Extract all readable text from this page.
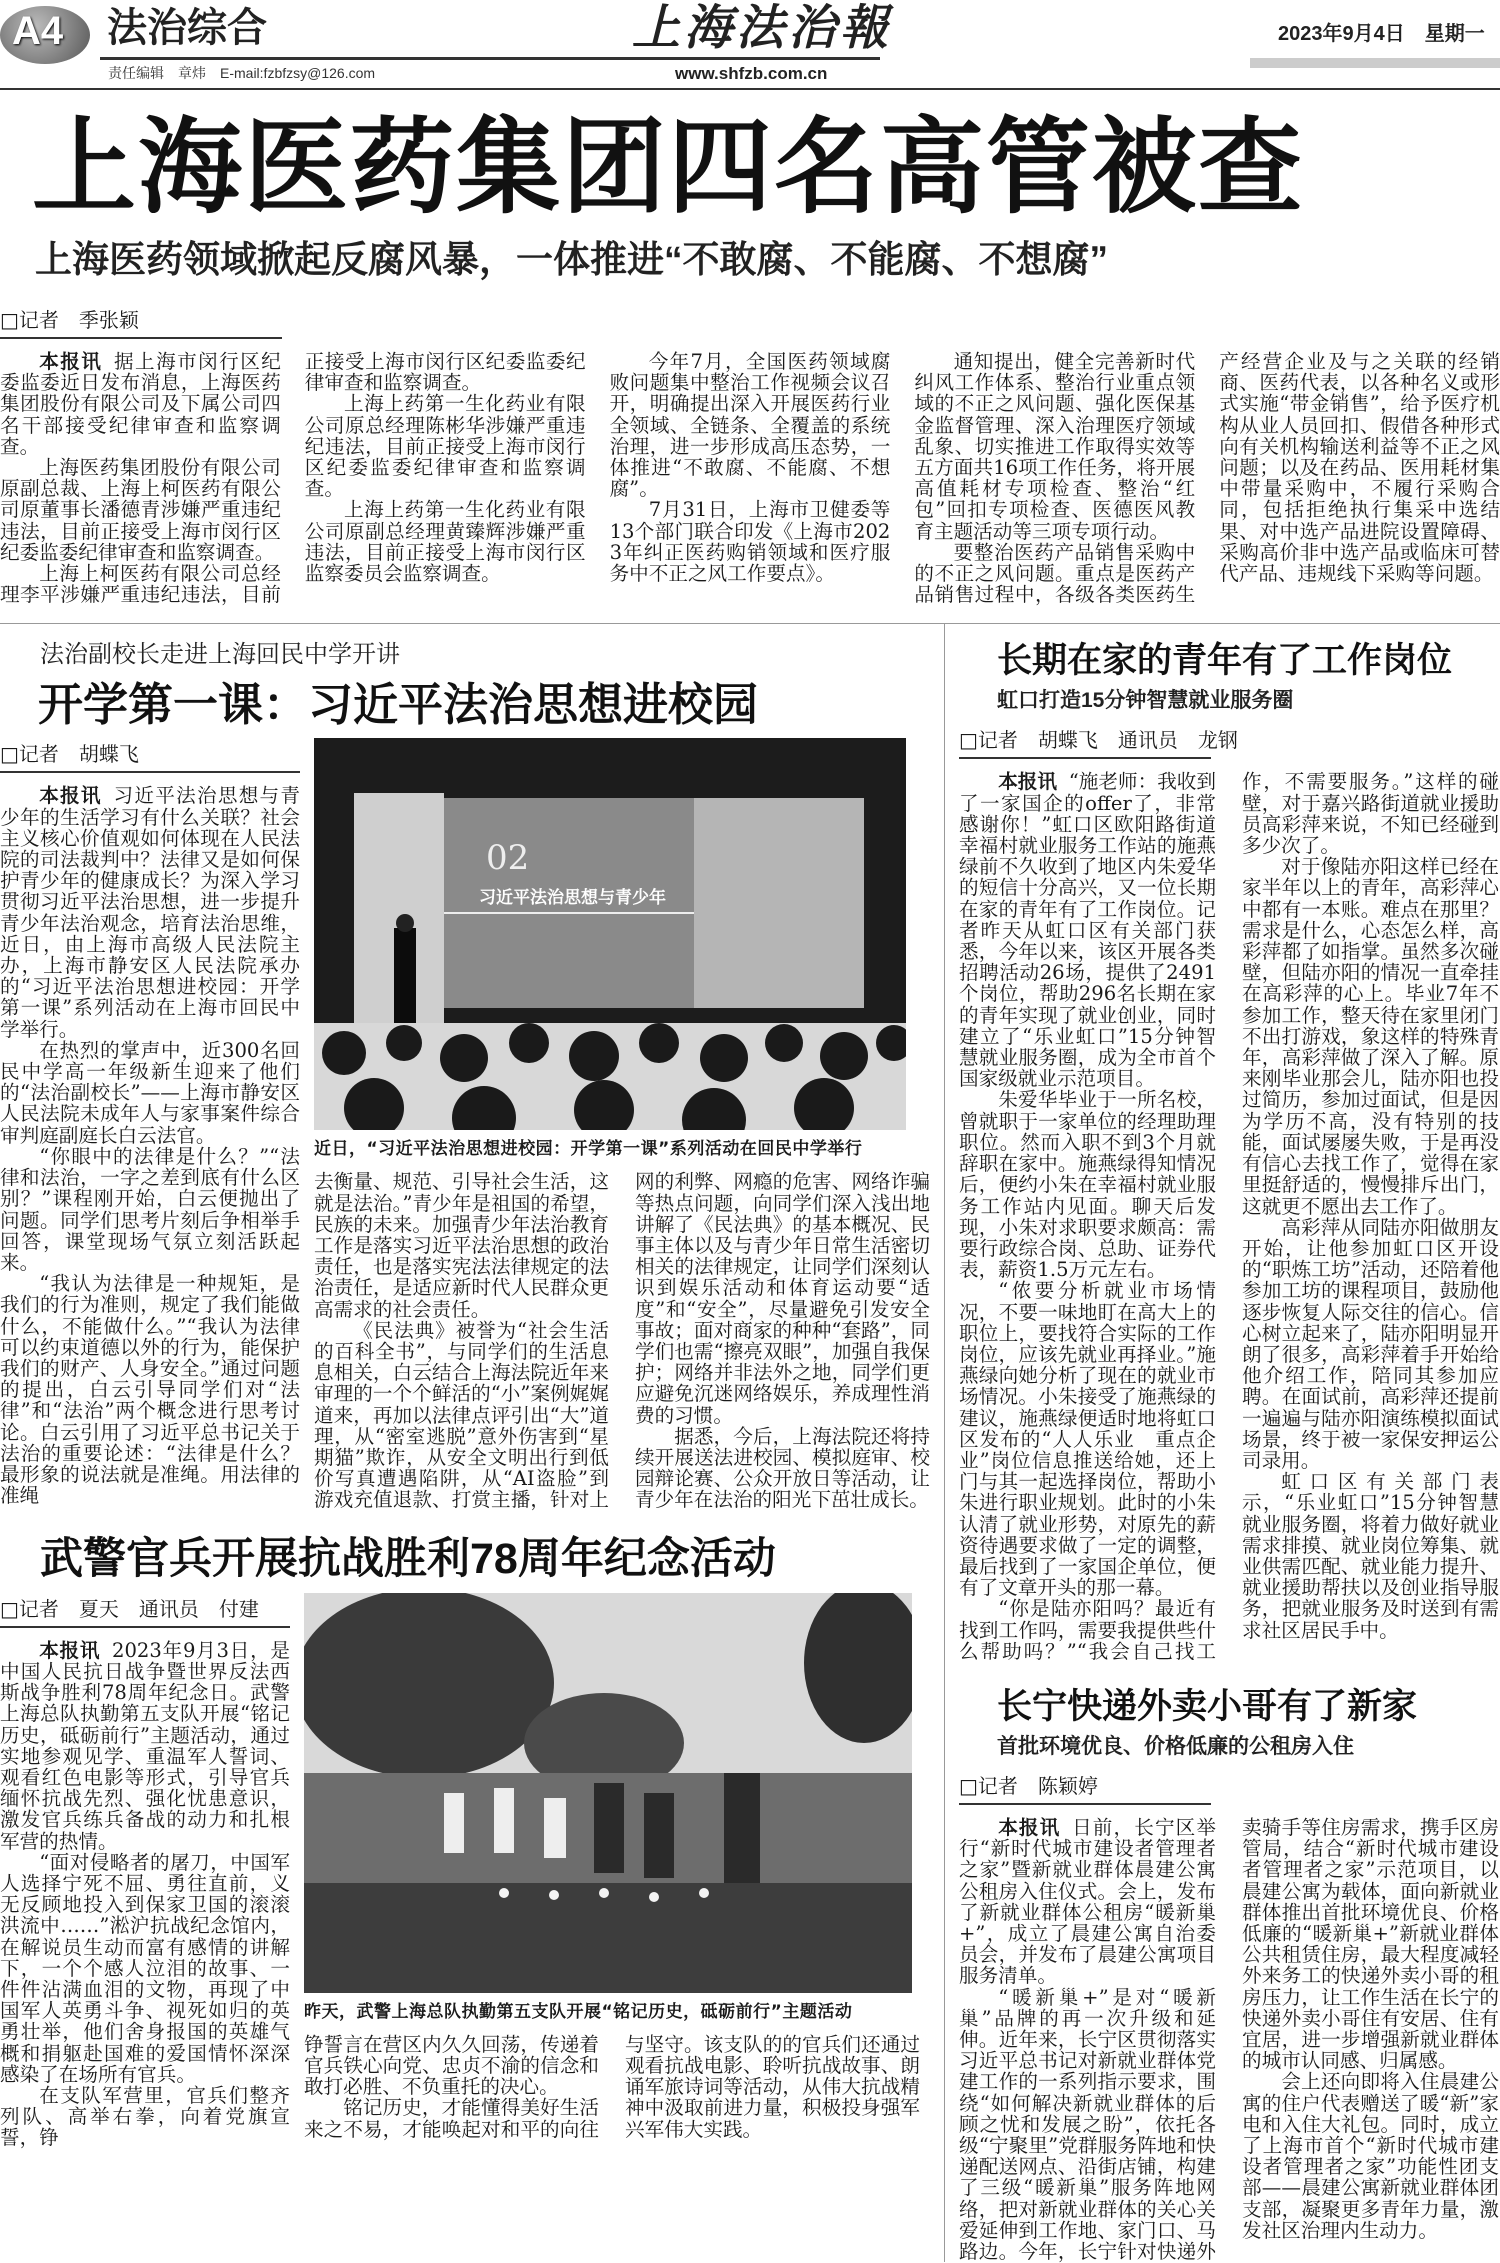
A4 法治综合
责任编辑　章炜　E-mail:fzbfzsy@126.com
上海法治報
www.shfzb.com.cn
2023年9月4日　星期一
上海医药集团四名高管被查
上海医药领域掀起反腐风暴，一体推进“不敢腐、不能腐、不想腐”
□记者　季张颖

本报讯 据上海市闵行区纪委监委近日发布消息，上海医药集团股份有限公司及下属公司四名干部接受纪律审查和监察调查。

上海医药集团股份有限公司原副总裁、上海上柯医药有限公司原董事长潘德青涉嫌严重违纪违法，目前正接受上海市闵行区纪委监委纪律审查和监察调查。

上海上柯医药有限公司总经理李平涉嫌严重违纪违法，目前正接受上海市闵行区纪委监委纪律审查和监察调查。

上海上药第一生化药业有限公司原总经理陈彬华涉嫌严重违纪违法，目前正接受上海市闵行区纪委监委纪律审查和监察调查。

上海上药第一生化药业有限公司原副总经理黄臻辉涉嫌严重违法，目前正接受上海市闵行区监察委员会监察调查。

今年7月，全国医药领域腐败问题集中整治工作视频会议召开，明确提出深入开展医药行业全领域、全链条、全覆盖的系统治理，进一步形成高压态势，一体推进“不敢腐、不能腐、不想腐”。

7月31日，上海市卫健委等13个部门联合印发《上海市2023年纠正医药购销领域和医疗服务中不正之风工作要点》。

通知提出，健全完善新时代纠风工作体系、整治行业重点领域的不正之风问题、强化医保基金监督管理、深入治理医疗领域乱象、切实推进工作取得实效等五方面共16项工作任务，将开展高值耗材专项检查、整治“红包”回扣专项检查、医德医风教育主题活动等三项专项行动。

要整治医药产品销售采购中的不正之风问题。重点是医药产品销售过程中，各级各类医药生产经营企业及与之关联的经销商、医药代表，以各种名义或形式实施“带金销售”，给予医疗机构从业人员回扣、假借各种形式向有关机构输送利益等不正之风问题；以及在药品、医用耗材集中带量采购中，不履行采购合同，包括拒绝执行集采中选结果、对中选产品进院设置障碍、采购高价非中选产品或临床可替代产品、违规线下采购等问题。

法治副校长走进上海回民中学开讲
开学第一课：习近平法治思想进校园
□记者　胡蝶飞

本报讯 习近平法治思想与青少年的生活学习有什么关联？社会主义核心价值观如何体现在人民法院的司法裁判中？法律又是如何保护青少年的健康成长？为深入学习贯彻习近平法治思想，进一步提升青少年法治观念，培育法治思维，近日，由上海市高级人民法院主办，上海市静安区人民法院承办的“习近平法治思想进校园：开学第一课”系列活动在上海市回民中学举行。

在热烈的掌声中，近300名回民中学高一年级新生迎来了他们的“法治副校长”——上海市静安区人民法院未成年人与家事案件综合审判庭副庭长白云法官。

“你眼中的法律是什么？”“法律和法治，一字之差到底有什么区别？”课程刚开始，白云便抛出了问题。同学们思考片刻后争相举手回答，课堂现场气氛立刻活跃起来。

“我认为法律是一种规矩，是我们的行为准则，规定了我们能做什么，不能做什么。”“我认为法律可以约束道德以外的行为，能保护我们的财产、人身安全。”通过问题的提出，白云引导同学们对“法律”和“法治”两个概念进行思考讨论。白云引用了习近平总书记关于法治的重要论述：“法律是什么？最形象的说法就是准绳。用法律的准绳

02
习近平法治思想与青少年
近日，“习近平法治思想进校园：开学第一课”系列活动在回民中学举行

去衡量、规范、引导社会生活，这就是法治。”青少年是祖国的希望，民族的未来。加强青少年法治教育工作是落实习近平法治思想的政治责任，也是落实宪法法律规定的法治责任，是适应新时代人民群众更高需求的社会责任。

《民法典》被誉为“社会生活的百科全书”，与同学们的生活息息相关，白云结合上海法院近年来审理的一个个鲜活的“小”案例娓娓道来，再加以法律点评引出“大”道理，从“密室逃脱”意外伤害到“星期猫”欺诈，从安全文明出行到低价写真遭遇陷阱，从“AI盗脸”到游戏充值退款、打赏主播，针对上网的利弊、网瘾的危害、网络诈骗等热点问题，向同学们深入浅出地讲解了《民法典》的基本概况、民事主体以及与青少年日常生活密切相关的法律规定，让同学们深刻认识到娱乐活动和体育运动要“适度”和“安全”，尽量避免引发安全事故；面对商家的种种“套路”，同学们也需“擦亮双眼”，加强自我保护；网络并非法外之地，同学们更应避免沉迷网络娱乐，养成理性消费的习惯。

据悉，今后，上海法院还将持续开展送法进校园、模拟庭审、校园辩论赛、公众开放日等活动，让青少年在法治的阳光下茁壮成长。

武警官兵开展抗战胜利78周年纪念活动
□记者　夏天　通讯员　付建

本报讯 2023年9月3日，是中国人民抗日战争暨世界反法西斯战争胜利78周年纪念日。武警上海总队执勤第五支队开展“铭记历史，砥砺前行”主题活动，通过实地参观见学、重温军人誓词、观看红色电影等形式，引导官兵缅怀抗战先烈、强化忧患意识，激发官兵练兵备战的动力和扎根军营的热情。

“面对侵略者的屠刀，中国军人选择宁死不屈、勇往直前，义无反顾地投入到保家卫国的滚滚洪流中……”淞沪抗战纪念馆内，在解说员生动而富有感情的讲解下，一个个感人泣泪的故事、一件件沾满血泪的文物，再现了中国军人英勇斗争、视死如归的英勇壮举，他们舍身报国的英雄气概和捐躯赴国难的爱国情怀深深感染了在场所有官兵。

在支队军营里，官兵们整齐列队、高举右拳，向着党旗宣誓，铮

昨天，武警上海总队执勤第五支队开展“铭记历史，砥砺前行”主题活动

铮誓言在营区内久久回荡，传递着官兵铁心向党、忠贞不渝的信念和敢打必胜、不负重托的决心。

铭记历史，才能懂得美好生活来之不易，才能唤起对和平的向往与坚守。该支队的的官兵们还通过观看抗战电影、聆听抗战故事、朗诵军旅诗词等活动，从伟大抗战精神中汲取前进力量，积极投身强军兴军伟大实践。

长期在家的青年有了工作岗位
虹口打造15分钟智慧就业服务圈
□记者　胡蝶飞　通讯员　龙钢

本报讯 “施老师：我收到了一家国企的offer了，非常感谢你！”虹口区欧阳路街道幸福村就业服务工作站的施燕绿前不久收到了地区内朱爱华的短信十分高兴，又一位长期在家的青年有了工作岗位。记者昨天从虹口区有关部门获悉，今年以来，该区开展各类招聘活动26场，提供了2491个岗位，帮助296名长期在家的青年实现了就业创业，同时建立了“乐业虹口”15分钟智慧就业服务圈，成为全市首个国家级就业示范项目。

朱爱华毕业于一所名校，曾就职于一家单位的经理助理职位。然而入职不到3个月就辞职在家中。施燕绿得知情况后，便约小朱在幸福村就业服务工作站内见面。聊天后发现，小朱对求职要求颇高：需要行政综合岗、总助、证券代表，薪资1.5万元左右。

“侬要分析就业市场情况，不要一味地盯在高大上的职位上，要找符合实际的工作岗位，应该先就业再择业。”施燕绿向她分析了现在的就业市场情况。小朱接受了施燕绿的建议，施燕绿便适时地将虹口区发布的“人人乐业　重点企业”岗位信息推送给她，还上门与其一起选择岗位，帮助小朱进行职业规划。此时的小朱认清了就业形势，对原先的薪资待遇要求做了一定的调整，最后找到了一家国企单位，便有了文章开头的那一幕。

“你是陆亦阳吗？最近有找到工作吗，需要我提供些什么帮助吗？”“我会自己找工作，不需要服务。”这样的碰壁，对于嘉兴路街道就业援助员高彩萍来说，不知已经碰到多少次了。

对于像陆亦阳这样已经在家半年以上的青年，高彩萍心中都有一本账。难点在那里？需求是什么，心态怎么样，高彩萍都了如指掌。虽然多次碰壁，但陆亦阳的情况一直牵挂在高彩萍的心上。毕业7年不参加工作，整天待在家里闭门不出打游戏，象这样的特殊青年，高彩萍做了深入了解。原来刚毕业那会儿，陆亦阳也投过简历，参加过面试，但是因为学历不高，没有特别的技能，面试屡屡失败，于是再没有信心去找工作了，觉得在家里挺舒适的，慢慢排斥出门，这就更不愿出去工作了。

高彩萍从同陆亦阳做朋友开始，让他参加虹口区开设的“职炼工坊”活动，还陪着他参加工坊的课程项目，鼓励他逐步恢复人际交往的信心。信心树立起来了，陆亦阳明显开朗了很多，高彩萍着手开始给他介绍工作，陪同其参加应聘。在面试前，高彩萍还提前一遍遍与陆亦阳演练模拟面试场景，终于被一家保安押运公司录用。

虹口区有关部门表示，“乐业虹口”15分钟智慧就业服务圈，将着力做好就业需求排摸、就业岗位筹集、就业供需匹配、就业能力提升、就业援助帮扶以及创业指导服务，把就业服务及时送到有需求社区居民手中。

长宁快递外卖小哥有了新家
首批环境优良、价格低廉的公租房入住
□记者　陈颖婷

本报讯 日前，长宁区举行“新时代城市建设者管理者之家”暨新就业群体晨建公寓公租房入住仪式。会上，发布了新就业群体公租房“暖新巢+”，成立了晨建公寓自治委员会，并发布了晨建公寓项目服务清单。

“暖新巢+”是对“暖新巢”品牌的再一次升级和延伸。近年来，长宁区贯彻落实习近平总书记对新就业群体党建工作的一系列指示要求，围绕“如何解决新就业群体的后顾之忧和发展之盼”，依托各级“宁聚里”党群服务阵地和快递配送网点、沿街店铺，构建了三级“暖新巢”服务阵地网络，把对新就业群体的关心关爱延伸到工作地、家门口、马路边。今年，长宁针对快递外卖骑手等住房需求，携手区房管局，结合“新时代城市建设者管理者之家”示范项目，以晨建公寓为载体，面向新就业群体推出首批环境优良、价格低廉的“暖新巢+”新就业群体公共租赁住房，最大程度减轻外来务工的快递外卖小哥的租房压力，让工作生活在长宁的快递外卖小哥住有安居、住有宜居，进一步增强新就业群体的城市认同感、归属感。

会上还向即将入住晨建公寓的住户代表赠送了暖“新”家电和入住大礼包。同时，成立了上海市首个“新时代城市建设者管理者之家”功能性团支部——晨建公寓新就业群体团支部，凝聚更多青年力量，激发社区治理内生动力。
